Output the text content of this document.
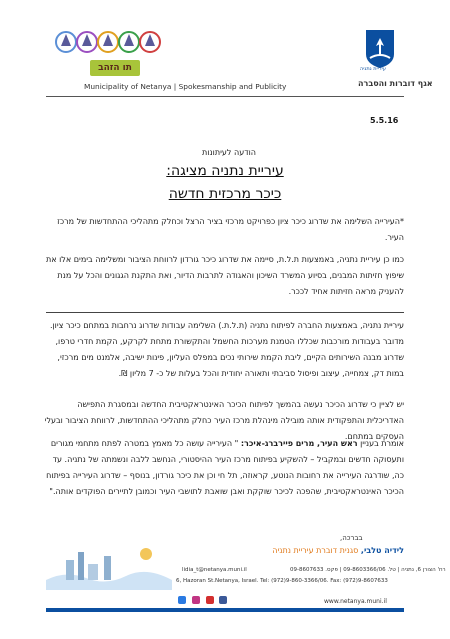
תו הזהב
Municipality of Netanya | Spokesmanship and Publicity
עיריית נתניה
אגף דוברות והסברה
5.5.16
הודעה לעיתונות
עיריית נתניה מציגה:
כיכר מרכזית חדשה
*העירייה השלימה את שדרוג כיכר ציון כפרויקט מרכזי בציר הרצל וכחלק מתהליכי ההתחדשות של מרכז העיר.
כמו כן עיריית נתניה, באמצעות ת.ל.ת, סיימה את שדרוג כיכר גורדון לרווחת הציבור ומשלימה בימים אלו את שיפוץ חזיתות המבנים, בסיוע המשרד השיכון והאגודה לתרבות הדיור, ואת התקנת הגגונים והכל על מנת להעניק מראה חזיתות אחיד לככר.
עיריית נתניה, באמצעות החברה לפיתוח נתניה (ת.ל.ת.) השלימה עבודות שדרוג נרחבות במתחם כיכר ציון. מדובר בעבודות מורכבות שכללו הטמנת מערכות החשמל והתקשורת מתחת לקרקע, הקמת חדרי טרפו, שדרוג מבנה השירותים הקיים, ליבת הקמת שירותי נכים במפלס העליון, פינות ישיבה, אלמנט מים מרכזי, במות דק, צמחייה, עיצוב ופיסול סביבתי ותאורה יחודית והכל בעלות של כ- 7 מליון ₪.
יש לציין כי שדרוג הכיכר נעשה בהמשך לפיתוח הכיכר האינטראקטיבית החדשה ובמסגרת התפישה האדריכלית והתפקודית אותה מובילה מינהלת מרכז העיר כחלק מתהליכי ההתחדשות, לרווחת הציבור ובעלי העסקים במתחם.
אומרת בעניין ראש העיר, מרים פיירברג-איכר: " העירייה עושה כל מאמץ במטרה לפתח מתחמי מגורים ותעסוקה חדשים ובמקביל – להשקיע בפיתוח מרכז העיר ההיסטורי, הנחשב ללבה ונשמתה של נתניה. עד כה, שודרגה העירייה את רחובות הנוטע, קראוזה, תל חי וכן את כיכר גורדון, בנוסף – שדרוג העירייה בפיתוח הכיכר האינטראקטיבית, שהפכה לכיכר שוקקת ואבן שואבת לתושבי העיר וכמובן לתיירים הפוקדים אותה."
בברכה,
לידיה טלבי, סגנית דוברת עיריית נתניה
רח' הצורן 6, נתניה | טל. 09-8603366/06 | פקס. 09-8607633
lidia_t@netanya.muni.il
6, Hazoran St.Netanya, Israel. Tel: (972)9-860-3366/06. Fax: (972)9-8607633

www.netanya.muni.il
